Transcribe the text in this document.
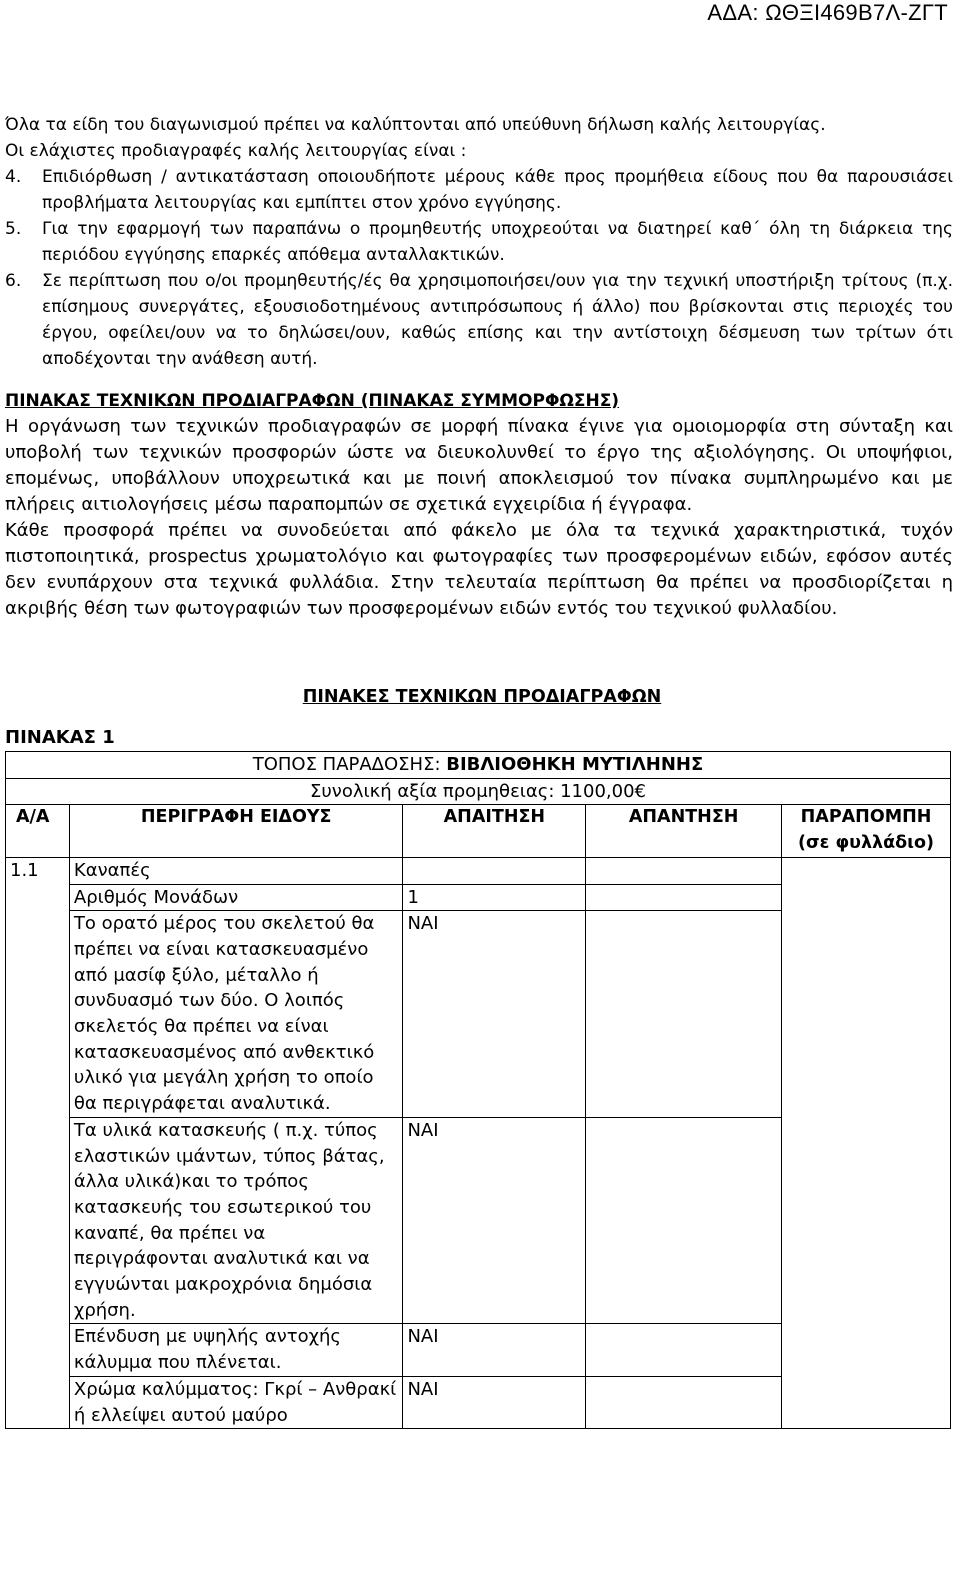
ΑΔΑ: ΩΘΞΙ469Β7Λ-ΖΓΤ

Όλα τα είδη του διαγωνισμού πρέπει να καλύπτονται από υπεύθυνη δήλωση καλής λειτουργίας.

Οι ελάχιστες προδιαγραφές καλής λειτουργίας είναι :

4.	Επιδιόρθωση / αντικατάσταση οποιουδήποτε μέρους κάθε προς προμήθεια είδους που θα παρουσιάσει προβλήματα λειτουργίας και εμπίπτει στον χρόνο εγγύησης.
5.	Για την εφαρμογή των παραπάνω ο προμηθευτής υποχρεούται να διατηρεί καθ΄ όλη τη διάρκεια της περιόδου εγγύησης επαρκές απόθεμα ανταλλακτικών.
6.	Σε περίπτωση που ο/οι προμηθευτής/ές θα χρησιμοποιήσει/ουν για την τεχνική υποστήριξη τρίτους (π.χ. επίσημους συνεργάτες, εξουσιοδοτημένους αντιπρόσωπους ή άλλο) που βρίσκονται στις περιοχές του έργου, οφείλει/ουν να το δηλώσει/ουν, καθώς επίσης και την αντίστοιχη δέσμευση των τρίτων ότι αποδέχονται την ανάθεση αυτή.
ΠΙΝΑΚΑΣ ΤΕΧΝΙΚΩΝ ΠΡΟΔΙΑΓΡΑΦΩΝ (ΠΙΝΑΚΑΣ ΣΥΜΜΟΡΦΩΣΗΣ)

Η οργάνωση των τεχνικών προδιαγραφών σε μορφή πίνακα έγινε για ομοιομορφία στη σύνταξη και υποβολή των τεχνικών προσφορών ώστε να διευκολυνθεί το έργο της αξιολόγησης. Οι υποψήφιοι, επομένως, υποβάλλουν υποχρεωτικά και με ποινή αποκλεισμού τον πίνακα συμπληρωμένο και με πλήρεις αιτιολογήσεις μέσω παραπομπών σε σχετικά εγχειρίδια ή έγγραφα.

Κάθε προσφορά πρέπει να συνοδεύεται από φάκελο με όλα τα τεχνικά χαρακτηριστικά, τυχόν πιστοποιητικά, prospectus χρωματολόγιο και φωτογραφίες των προσφερομένων ειδών, εφόσον αυτές δεν ενυπάρχουν στα τεχνικά φυλλάδια. Στην τελευταία περίπτωση θα πρέπει να προσδιορίζεται η ακριβής θέση των φωτογραφιών των προσφερομένων ειδών εντός του τεχνικού φυλλαδίου.

ΠΙΝΑΚΕΣ ΤΕΧΝΙΚΩΝ ΠΡΟΔΙΑΓΡΑΦΩΝ
ΠΙΝΑΚΑΣ 1
ΤΟΠΟΣ ΠΑΡΑΔΟΣΗΣ: ΒΙΒΛΙΟΘΗΚΗ ΜΥΤΙΛΗΝΗΣ				
Συνολική αξία προμηθειας: 1100,00€				
Α/Α	ΠΕΡΙΓΡΑΦΗ ΕΙΔΟΥΣ	ΑΠΑΙΤΗΣΗ	ΑΠΑΝΤΗΣΗ	ΠΑΡΑΠΟΜΠΗ (σε φυλλάδιο)
1.1	Καναπές			
	Αριθμός Μονάδων	1		
	Το ορατό μέρος του σκελετού θα πρέπει να είναι κατασκευασμένο από μασίφ ξύλο, μέταλλο ή συνδυασμό των δύο. Ο λοιπός σκελετός θα πρέπει να είναι κατασκευασμένος από ανθεκτικό υλικό για μεγάλη χρήση το οποίο θα περιγράφεται αναλυτικά.	ΝΑΙ		
	Τα υλικά κατασκευής ( π.χ. τύπος ελαστικών ιμάντων, τύπος βάτας, άλλα υλικά)και το τρόπος κατασκευής του εσωτερικού του καναπέ, θα πρέπει να περιγράφονται αναλυτικά και να εγγυώνται μακροχρόνια δημόσια χρήση.	ΝΑΙ		
	Επένδυση με υψηλής αντοχής κάλυμμα που πλένεται.	ΝΑΙ		
	Χρώμα καλύμματος: Γκρί – Ανθρακί ή ελλείψει αυτού μαύρο	ΝΑΙ		
